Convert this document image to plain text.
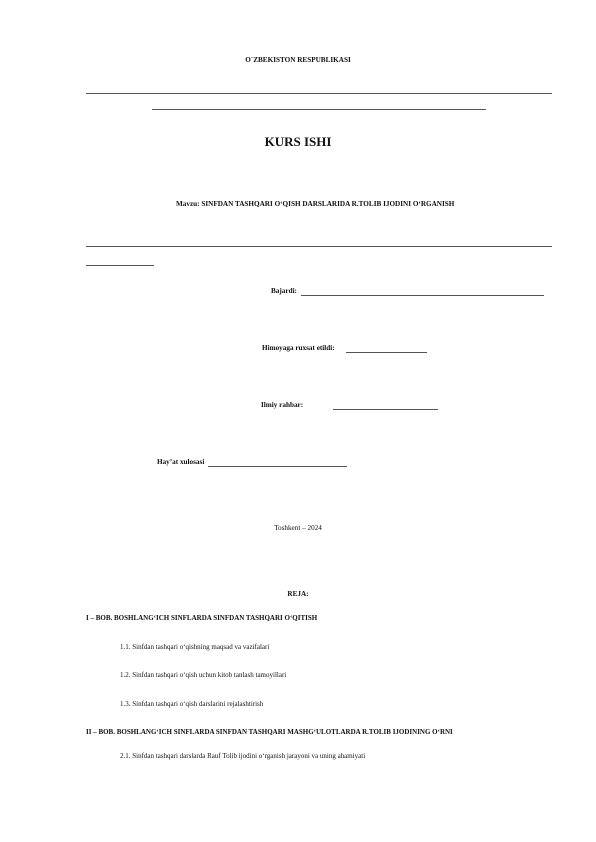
O`ZBEKISTON RESPUBLIKASI
KURS ISHI
Mavzu: SINFDAN TASHQARI O‘QISH DARSLARIDA R.TOLIB IJODINI O‘RGANISH
Bajardi:
Himoyaga ruxsat etildi:
Ilmiy rahbar:
Hay’at xulosasi
Toshkent – 2024
REJA:
I – BOB. BOSHLANG‘ICH SINFLARDA SINFDAN TASHQARI O‘QITISH
1.1. Sinfdan tashqari o‘qishning maqsad va vazifalari
1.2. Sinfdan tashqari o‘qish uchun kitob tanlash tamoyillari
1.3. Sinfdan tashqari o‘qish darslarini rejalashtirish
II – BOB. BOSHLANG‘ICH SINFLARDA SINFDAN TASHQARI MASHG‘ULOTLARDA R.TOLIB IJODINING O‘RNI
2.1. Sinfdan tashqari darslarda Rauf Tolib ijodini o‘rganish jarayoni va uning ahamiyati
